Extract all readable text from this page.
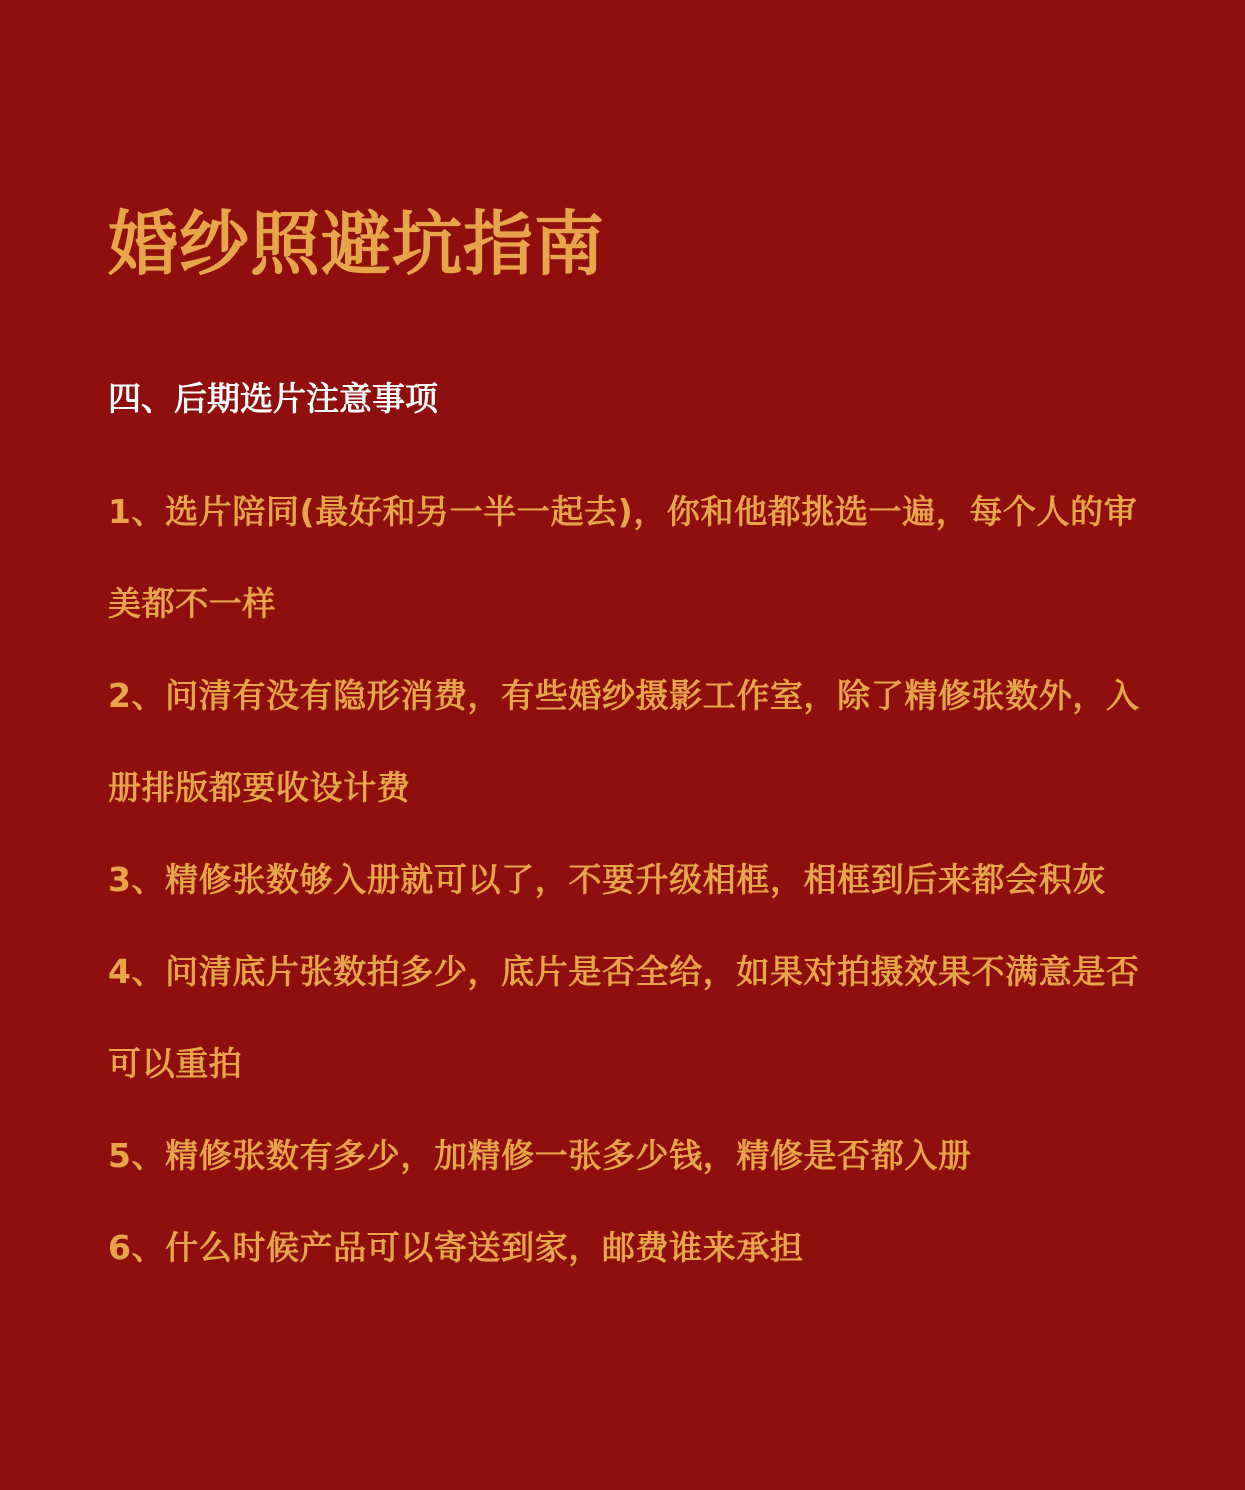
婚纱照避坑指南
四、后期选片注意事项
1、选片陪同(最好和另一半一起去)，你和他都挑选一遍，每个人的审美都不一样
2、问清有没有隐形消费，有些婚纱摄影工作室，除了精修张数外，入册排版都要收设计费
3、精修张数够入册就可以了，不要升级相框，相框到后来都会积灰
4、问清底片张数拍多少，底片是否全给，如果对拍摄效果不满意是否可以重拍
5、精修张数有多少，加精修一张多少钱，精修是否都入册
6、什么时候产品可以寄送到家，邮费谁来承担
